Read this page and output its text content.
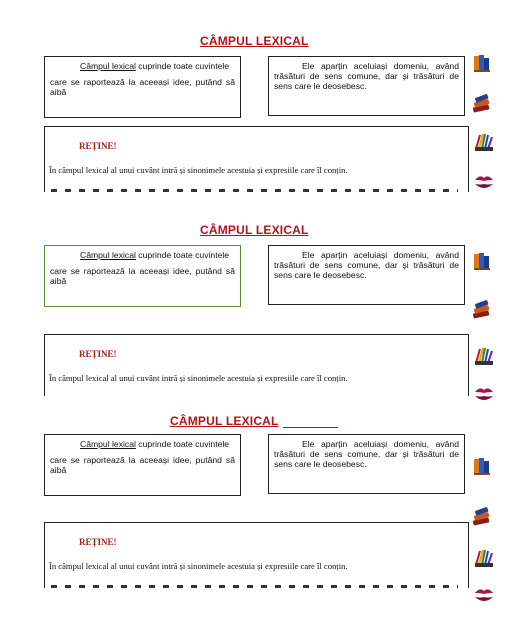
CÂMPUL LEXICAL
Câmpul lexical cuprinde toate cuvintele
care se raportează la aceeași idee, putând să aibă
Ele aparțin aceluiași domeniu, având trăsături de sens comune, dar și trăsături de sens care le deosebesc.
REȚINE!
În câmpul lexical al unui cuvânt intră și sinonimele acestuia și expresiile care îl conțin.
CÂMPUL LEXICAL
Câmpul lexical cuprinde toate cuvintele
care se raportează la aceeași idee, putând să aibă
Ele aparțin aceluiași domeniu, având trăsături de sens comune, dar și trăsături de sens care le deosebesc.
REȚINE!
În câmpul lexical al unui cuvânt intră și sinonimele acestuia și expresiile care îl conțin.
CÂMPUL LEXICAL
Câmpul lexical cuprinde toate cuvintele
care se raportează la aceeași idee, putând să aibă
Ele aparțin aceluiași domeniu, având trăsături de sens comune, dar și trăsături de sens care le deosebesc.
REȚINE!
În câmpul lexical al unui cuvânt intră și sinonimele acestuia și expresiile care îl conțin.
